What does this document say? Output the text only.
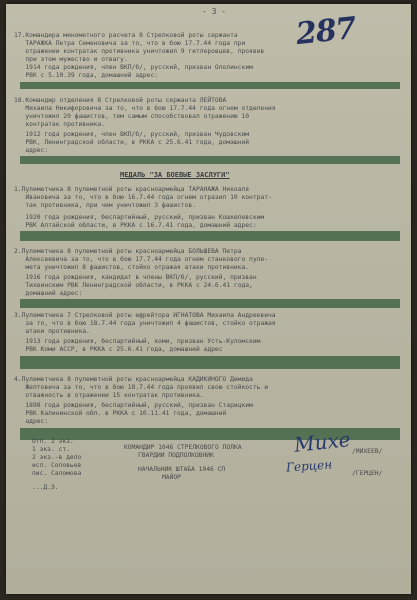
- 3 - 287
17.Командира минометного расчета 8 Стрелковой роты сержанта
ТАРАЖКА Петра Семеновича за то, что в бою 17.7.44 года при
отражении контратак противника уничтожил 9 гитлеровцев, проявив
при этом мужество и отвагу.
1914 года рождения, член ВКП/б/, русский, призван Ололинским
РВК с 5.10.39 года, домашний адрес:
18.Командир отделения 8 Стрелковой роты сержанта ЛЕЙТОВА
Михаила Никифоровича за то, что в бою 17.7.44 года огнем отделения
уничтожил 20 фашистов, тем самым способствовал отражению 10
контратак противника.
1912 года рождения, член ВКП/б/, русский, призван Чудовским
РВК, Ленинградской области, в РККА с 25.6.41 года, домашний
адрес:
МЕДАЛЬ "ЗА БОЕВЫЕ ЗАСЛУГИ"
1.Пулеметчика 8 пулеметной роты красноармейца ТАРАНАЖА Никоаля
Ивановича за то, что в бою 16.7.44 года огнем отразил 10 контрат-
так противника, при чем уничтожил 3 фашистов.
1920 года рождения, беспартийный, русский, призван Кошкелевским
РВК Алтайской области, в РККА с 16.7.41 года, домашний адрес:
2.Пулеметчика 8 пулеметной роты красноармейца БОЛЬШЕВА Петра
Алексеевича за то, что в бою 17.7.44 года огнем станкового пуле-
мета уничтожил 8 фашистов, стойко отражая атаки противника.
1916 года рождения, кандидат в члены ВКП/б/, русский, призван
Тихвинским РВК Ленинградской области, в РККА с 24.6.41 года,
домашний адрес:
3.Пулеметчика 7 Стрелковой роты ефрейтора ИГНАТОВА Михаила Андреевича
за то, что в бою 18.7.44 года уничтожил 4 фашистов, стойко отражая
атаки противника.
1913 года рождения, беспартийный, коми, призван Усть-Куломским
РВК Коми АССР, в РККА с 25.6.41 года, домашний адрес
4.Пулеметчика 8 пулеметной роты красноармейца КАДИКИНОГО Демида
Желтовича за то, что в бою 18.7.44 года проявил свою стойкость и
отважность в отражении 15 контратак противника.
1898 года рождения, беспартийный, русский, призван Старицким
РВК Калининской обл. в РККА с 10.11.41 года, домашний
адрес:
КОМАНДИР 1046 СТРЕЛКОВОГО ПОЛКА
ГВАРДИИ ПОДПОЛКОВНИК
/МИХЕЕВ/
НАЧАЛЬНИК ШТАБА 1046 СП
МАЙОР
/ГЕРЦЕН/
Михе
Герцен
Отп. 2 экз.
1 экз. ст.
2 экз.-в дело
исп. Соловьев
пис. Саломова
...Д.Э.
